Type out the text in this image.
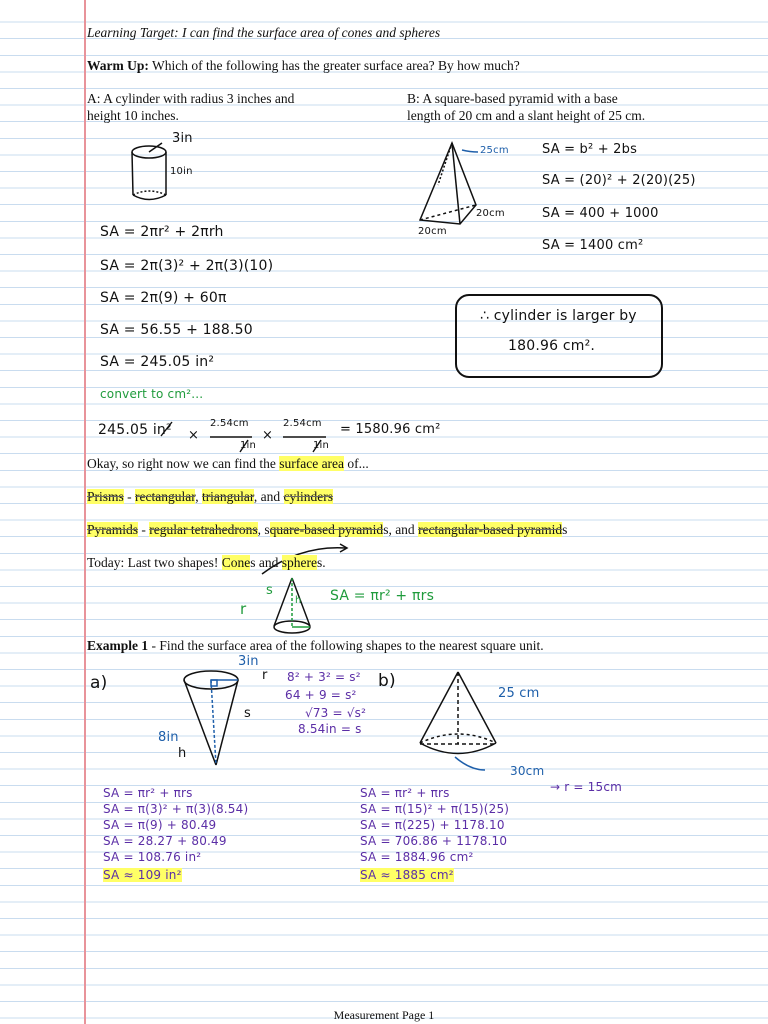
Learning Target: I can find the surface area of cones and spheres
Warm Up: Which of the following has the greater surface area? By how much?
A: A cylinder with radius 3 inches and
height 10 inches.
B: A square-based pyramid with a base
length of 20 cm and a slant height of 25 cm.
3in
10in
SA = 2πr² + 2πrh
SA = 2π(3)² + 2π(3)(10)
SA = 2π(9) + 60π
SA = 56.55 + 188.50
SA = 245.05 in²
25cm
20cm
20cm
SA = b² + 2bs
SA = (20)² + 2(20)(25)
SA = 400 + 1000
SA = 1400 cm²
∴ cylinder is larger by
180.96 cm².
convert to cm²...
245.05 in² ×
2.54cm
1in
×
2.54cm
1in
= 1580.96 cm²
Okay, so right now we can find the surface area of...
Prisms - rectangular, triangular, and cylinders
Pyramids - regular tetrahedrons, square-based pyramids, and rectangular-based pyramids
Today: Last two shapes! Cones and spheres.
s
h
r
SA = πr² + πrs
Example 1 - Find the surface area of the following shapes to the nearest square unit.
a)
3in
r
s
8in
h
8² + 3² = s²
64 + 9 = s²
√73 = √s²
8.54in = s
SA = πr² + πrs
SA = π(3)² + π(3)(8.54)
SA = π(9) + 80.49
SA = 28.27 + 80.49
SA = 108.76 in²
SA ≈ 109 in²
b)
25 cm
30cm
→ r = 15cm
SA = πr² + πrs
SA = π(15)² + π(15)(25)
SA = π(225) + 1178.10
SA = 706.86 + 1178.10
SA = 1884.96 cm²
SA ≈ 1885 cm²
Measurement Page 1
